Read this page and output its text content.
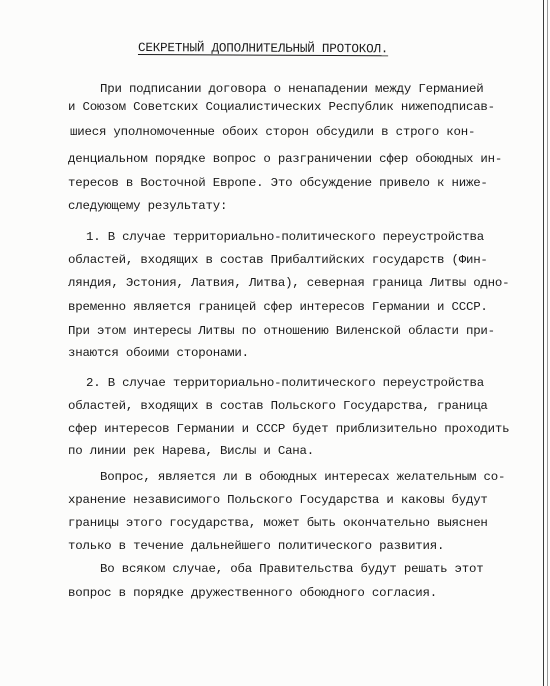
СЕКРЕТНЫЙ ДОПОЛНИТЕЛЬНЫЙ ПРОТОКОЛ.
При подписании договора о ненападении между Германией
и Союзом Советских Социалистических Республик нижеподписав-
шиеся уполномоченные обоих сторон обсудили в строго кон-
денциальном порядке вопрос о разграничении сфер обоюдных ин-
тересов в Восточной Европе. Это обсуждение привело к ниже-
следующему результату:
1. В случае территориально-политического переустройства
областей, входящих в состав Прибалтийских государств (Фин-
ляндия, Эстония, Латвия, Литва), северная граница Литвы одно-
временно является границей сфер интересов Германии и СССР.
При этом интересы Литвы по отношению Виленской области при-
знаются обоими сторонами.
2. В случае территориально-политического переустройства
областей, входящих в состав Польского Государства, граница
сфер интересов Германии и СССР будет приблизительно проходить
по линии рек Нарева, Вислы и Сана.
Вопрос, является ли в обоюдных интересах желательным со-
хранение независимого Польского Государства и каковы будут
границы этого государства, может быть окончательно выяснен
только в течение дальнейшего политического развития.
Во всяком случае, оба Правительства будут решать этот
вопрос в порядке дружественного обоюдного согласия.
